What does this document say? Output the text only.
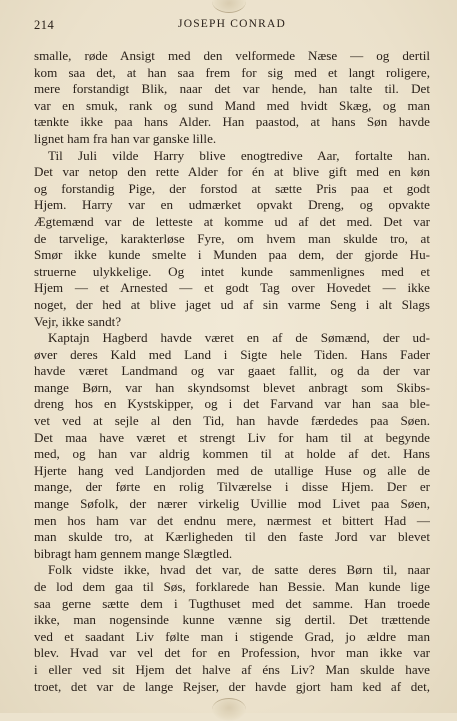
214	JOSEPH CONRAD
smalle, røde Ansigt med den velformede Næse — og dertil
kom saa det, at han saa frem for sig med et langt roligere,
mere forstandigt Blik, naar det var hende, han talte til. Det
var en smuk, rank og sund Mand med hvidt Skæg, og man
tænkte ikke paa hans Alder. Han paastod, at hans Søn havde
lignet ham fra han var ganske lille.
Til Juli vilde Harry blive enogtredive Aar, fortalte han.
Det var netop den rette Alder for én at blive gift med en køn
og forstandig Pige, der forstod at sætte Pris paa et godt
Hjem. Harry var en udmærket opvakt Dreng, og opvakte
Ægtemænd var de letteste at komme ud af det med. Det var
de tarvelige, karakterløse Fyre, om hvem man skulde tro, at
Smør ikke kunde smelte i Munden paa dem, der gjorde Hu-
struerne ulykkelige. Og intet kunde sammenlignes med et
Hjem — et Arnested — et godt Tag over Hovedet — ikke
noget, der hed at blive jaget ud af sin varme Seng i alt Slags
Vejr, ikke sandt?
Kaptajn Hagberd havde været en af de Sømænd, der ud-
øver deres Kald med Land i Sigte hele Tiden. Hans Fader
havde været Landmand og var gaaet fallit, og da der var
mange Børn, var han skyndsomst blevet anbragt som Skibs-
dreng hos en Kystskipper, og i det Farvand var han saa ble-
vet ved at sejle al den Tid, han havde færdedes paa Søen.
Det maa have været et strengt Liv for ham til at begynde
med, og han var aldrig kommen til at holde af det. Hans
Hjerte hang ved Landjorden med de utallige Huse og alle de
mange, der førte en rolig Tilværelse i disse Hjem. Der er
mange Søfolk, der nærer virkelig Uvillie mod Livet paa Søen,
men hos ham var det endnu mere, nærmest et bittert Had —
man skulde tro, at Kærligheden til den faste Jord var blevet
bibragt ham gennem mange Slægtled.
Folk vidste ikke, hvad det var, de satte deres Børn til, naar
de lod dem gaa til Søs, forklarede han Bessie. Man kunde lige
saa gerne sætte dem i Tugthuset med det samme. Han troede
ikke, man nogensinde kunne vænne sig dertil. Det trættende
ved et saadant Liv følte man i stigende Grad, jo ældre man
blev. Hvad var vel det for en Profession, hvor man ikke var
i eller ved sit Hjem det halve af éns Liv? Man skulde have
troet, det var de lange Rejser, der havde gjort ham ked af det,
